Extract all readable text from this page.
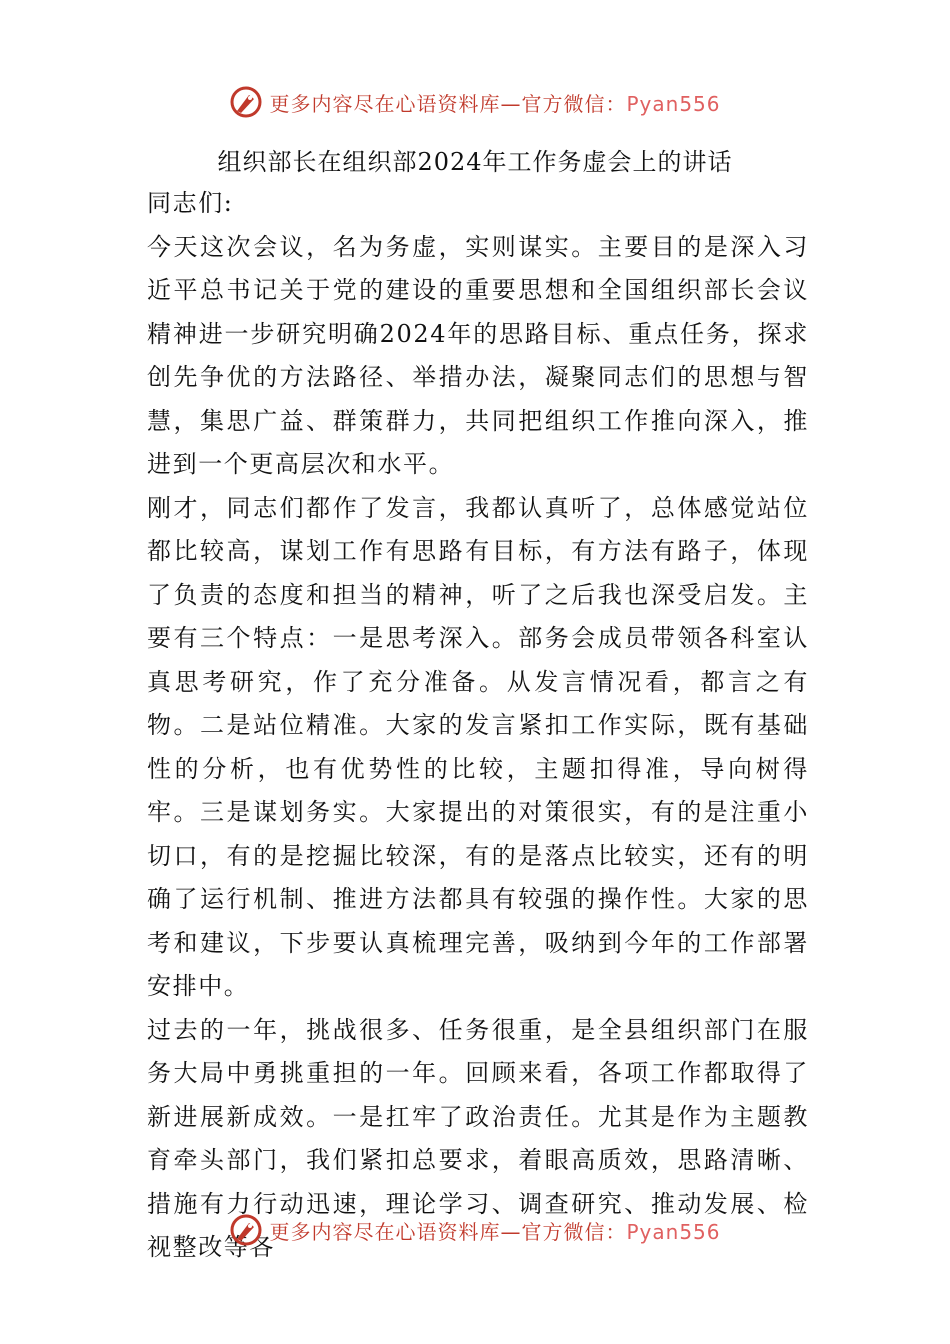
更多内容尽在心语资料库—官方微信：Pyan556
组织部长在组织部2024年工作务虚会上的讲话

同志们:

今天这次会议，名为务虚，实则谋实。主要目的是深入习近平总书记关于党的建设的重要思想和全国组织部长会议精神进一步研究明确2024年的思路目标、重点任务，探求创先争优的方法路径、举措办法，凝聚同志们的思想与智慧，集思广益、群策群力，共同把组织工作推向深入，推进到一个更高层次和水平。

刚才，同志们都作了发言，我都认真听了，总体感觉站位都比较高，谋划工作有思路有目标，有方法有路子，体现了负责的态度和担当的精神，听了之后我也深受启发。主要有三个特点：一是思考深入。部务会成员带领各科室认真思考研究，作了充分准备。从发言情况看，都言之有物。二是站位精准。大家的发言紧扣工作实际，既有基础性的分析，也有优势性的比较，主题扣得准，导向树得牢。三是谋划务实。大家提出的对策很实，有的是注重小切口，有的是挖掘比较深，有的是落点比较实，还有的明确了运行机制、推进方法都具有较强的操作性。大家的思考和建议，下步要认真梳理完善，吸纳到今年的工作部署安排中。

过去的一年，挑战很多、任务很重，是全县组织部门在服务大局中勇挑重担的一年。回顾来看，各项工作都取得了新进展新成效。一是扛牢了政治责任。尤其是作为主题教育牵头部门，我们紧扣总要求，着眼高质效，思路清晰、措施有力行动迅速，理论学习、调查研究、推动发展、检视整改等各

更多内容尽在心语资料库—官方微信：Pyan556
